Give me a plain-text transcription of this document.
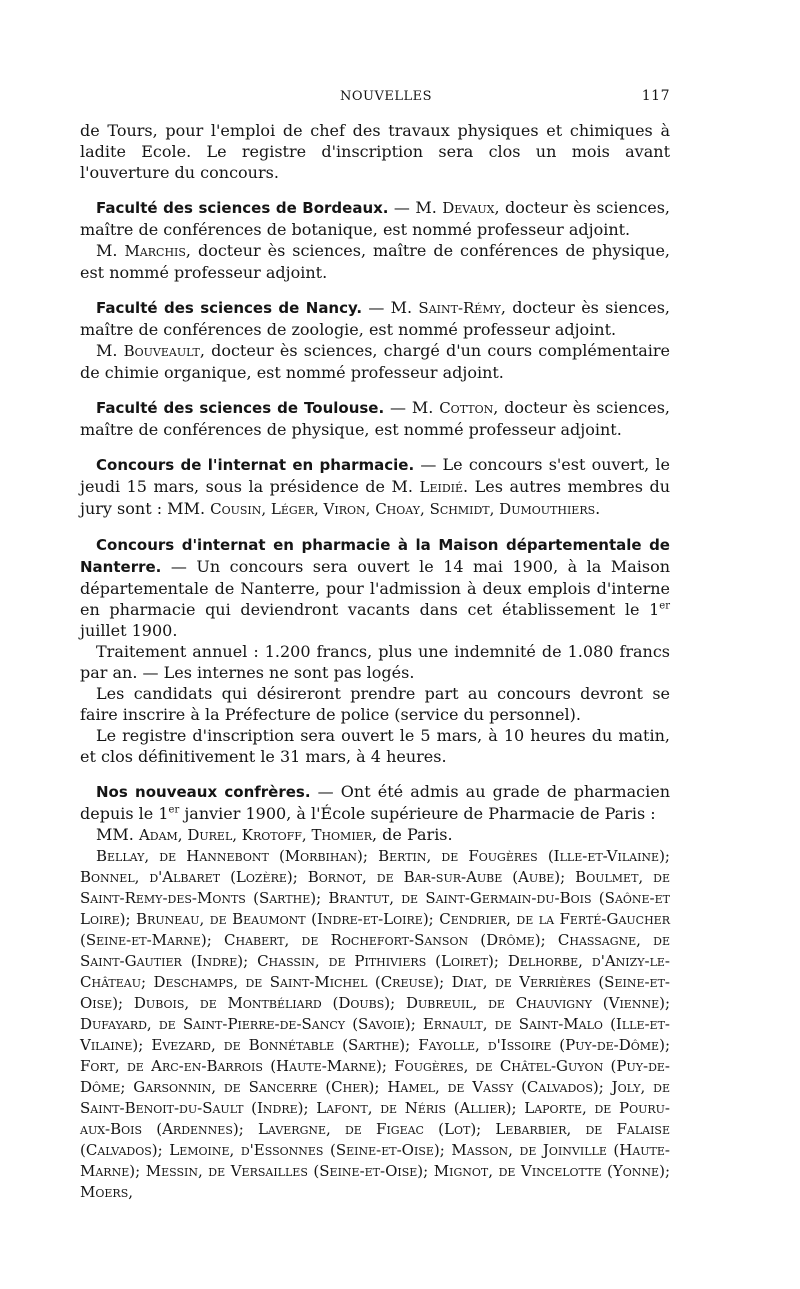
NOUVELLES	117

de Tours, pour l'emploi de chef des travaux physiques et chimiques à ladite Ecole. Le registre d'inscription sera clos un mois avant l'ouverture du concours.

Faculté des sciences de Bordeaux. — M. Devaux, docteur ès sciences, maître de conférences de botanique, est nommé professeur adjoint.

M. Marchis, docteur ès sciences, maître de conférences de physique, est nommé professeur adjoint.

Faculté des sciences de Nancy. — M. Saint-Rémy, docteur ès siences, maître de conférences de zoologie, est nommé professeur adjoint.

M. Bouveault, docteur ès sciences, chargé d'un cours complémentaire de chimie organique, est nommé professeur adjoint.

Faculté des sciences de Toulouse. — M. Cotton, docteur ès sciences, maître de conférences de physique, est nommé professeur adjoint.

Concours de l'internat en pharmacie. — Le concours s'est ouvert, le jeudi 15 mars, sous la présidence de M. Leidié. Les autres membres du jury sont : MM. Cousin, Léger, Viron, Choay, Schmidt, Dumouthiers.

Concours d'internat en pharmacie à la Maison départementale de Nanterre. — Un concours sera ouvert le 14 mai 1900, à la Maison départementale de Nanterre, pour l'admission à deux emplois d'interne en pharmacie qui deviendront vacants dans cet établissement le 1er juillet 1900.

Traitement annuel : 1.200 francs, plus une indemnité de 1.080 francs par an. — Les internes ne sont pas logés.

Les candidats qui désireront prendre part au concours devront se faire inscrire à la Préfecture de police (service du personnel).

Le registre d'inscription sera ouvert le 5 mars, à 10 heures du matin, et clos définitivement le 31 mars, à 4 heures.

Nos nouveaux confrères. — Ont été admis au grade de pharmacien depuis le 1er janvier 1900, à l'École supérieure de Pharmacie de Paris :

MM. Adam, Durel, Krotoff, Thomier, de Paris.

Bellay, de Hannebont (Morbihan); Bertin, de Fougères (Ille-et-Vilaine); Bonnel, d'Albaret (Lozère); Bornot, de Bar-sur-Aube (Aube); Boulmet, de Saint-Remy-des-Monts (Sarthe); Brantut, de Saint-Germain-du-Bois (Saône-et Loire); Bruneau, de Beaumont (Indre-et-Loire); Cendrier, de la Ferté-Gaucher (Seine-et-Marne); Chabert, de Rochefort-Sanson (Drôme); Chassagne, de Saint-Gautier (Indre); Chassin, de Pithiviers (Loiret); Delhorbe, d'Anizy-le-Château; Deschamps, de Saint-Michel (Creuse); Diat, de Verrières (Seine-et-Oise); Dubois, de Montbéliard (Doubs); Dubreuil, de Chauvigny (Vienne); Dufayard, de Saint-Pierre-de-Sancy (Savoie); Ernault, de Saint-Malo (Ille-et-Vilaine); Evezard, de Bonnétable (Sarthe); Fayolle, d'Issoire (Puy-de-Dôme); Fort, de Arc-en-Barrois (Haute-Marne); Fougères, de Châtel-Guyon (Puy-de-Dôme; Garsonnin, de Sancerre (Cher); Hamel, de Vassy (Calvados); Joly, de Saint-Benoit-du-Sault (Indre); Lafont, de Néris (Allier); Laporte, de Pouru-aux-Bois (Ardennes); Lavergne, de Figeac (Lot); Lebarbier, de Falaise (Calvados); Lemoine, d'Essonnes (Seine-et-Oise); Masson, de Joinville (Haute-Marne); Messin, de Versailles (Seine-et-Oise); Mignot, de Vincelotte (Yonne); Moers,
